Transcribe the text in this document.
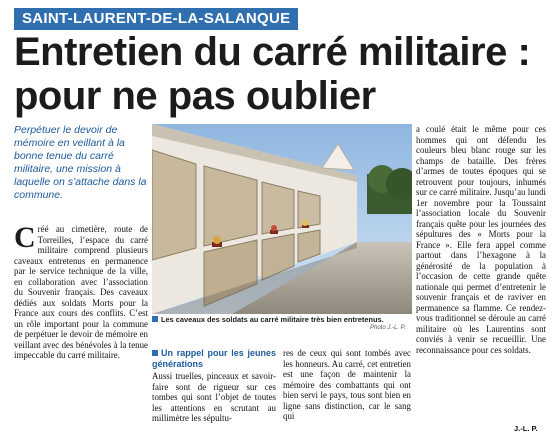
SAINT-LAURENT-DE-LA-SALANQUE
Entretien du carré militaire : pour ne pas oublier
Perpétuer le devoir de mémoire en veillant à la bonne tenue du carré militaire, une mission à laquelle on s’attache dans la commune.
Les caveaux des soldats au carré militaire très bien entretenus.
Photo J.-L. P.
Créé au cimetière, route de Torreilles, l’espace du carré militaire comprend plusieurs caveaux entretenus en permanence par le service technique de la ville, en collaboration avec l’association du Souvenir français. Des caveaux dédiés aux soldats Morts pour la France aux cours des conflits. C’est un rôle important pour la commune de perpétuer le devoir de mémoire en veillant avec des bénévoles à la tenue impeccable du carré militaire.	Un rappel pour les jeunes générations
Aussi truelles, pinceaux et savoir-faire sont de rigueur sur ces tombes qui sont l’objet de toutes les attentions en scrutant au millimètre les sépultu-
res de ceux qui sont tombés avec les honneurs. Au carré, cet entretien est une façon de maintenir la mémoire des combattants qui ont bien servi le pays, tous sont bien en ligne sans distinction, car le sang qui
a coulé était le même pour ces hommes qui ont défendu les couleurs bleu blanc rouge sur les champs de bataille. Des frères d’armes de toutes époques qui se retrouvent pour toujours, inhumés sur ce carré militaire. Jusqu’au lundi 1er novembre pour la Toussaint l’association locale du Souvenir français quête pour les journées des sépultures des « Morts pour la France ». Elle fera appel comme partout dans l’hexagone à la générosité de la population à l’occasion de cette grande quête nationale qui permet d’entretenir le souvenir français et de raviver en permanence sa flamme. Ce rendez-vous traditionnel se déroule au carré militaire où les Laurentins sont conviés à venir se recueillir. Une reconnaissance pour ces soldats.
J.-L. P.
